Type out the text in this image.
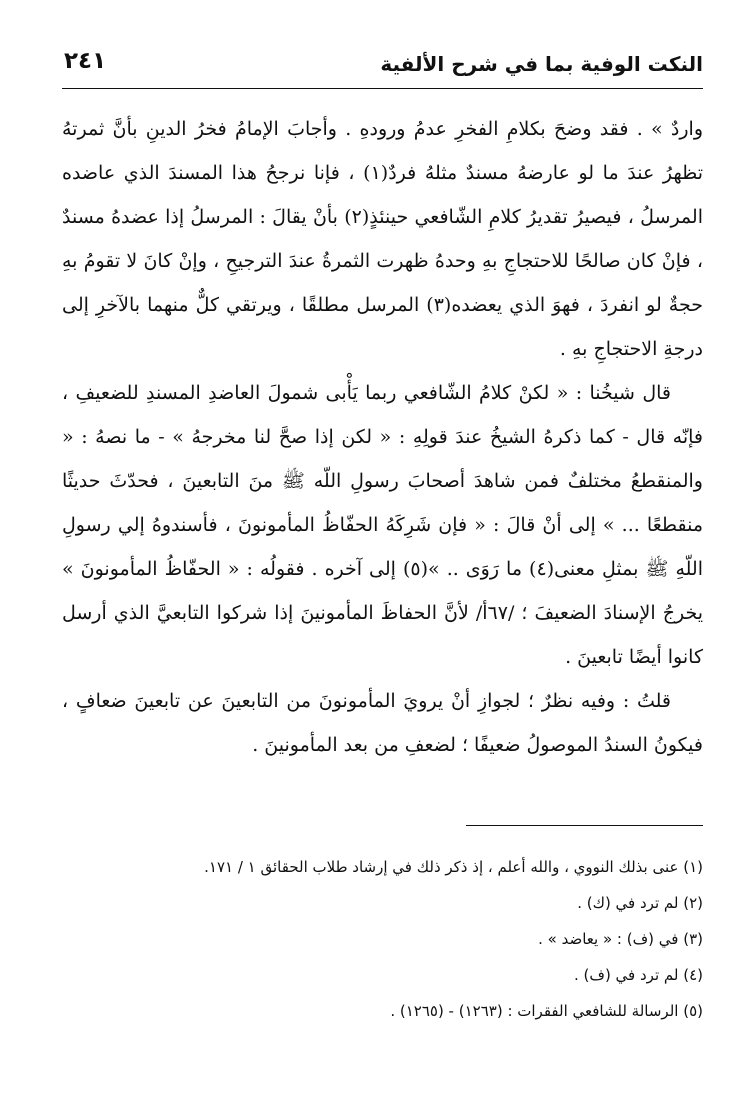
النكت الوفية بما في شرح الألفية
٢٤١

واردٌ » . فقد وضحَ بكلامِ الفخرِ عدمُ ورودهِ . وأجابَ الإمامُ فخرُ الدينِ بأنَّ ثمرتهُ تظهرُ عندَ ما لو عارضهُ مسندٌ مثلهُ فردٌ(١) ، فإنا نرجحُ هذا المسندَ الذي عاضده المرسلُ ، فيصيرُ تقديرُ كلامِ الشّافعي حينئذٍ(٢) بأنْ يقالَ : المرسلُ إذا عضدهُ مسندٌ ، فإنْ كان صالحًا للاحتجاجِ بهِ وحدهُ ظهرت الثمرةُ عندَ الترجيحِ ، وإنْ كانَ لا تقومُ بهِ حجةٌ لو انفردَ ، فهوَ الذي يعضده(٣) المرسل مطلقًا ، ويرتقي كلٌّ منهما بالآخرِ إلى درجةِ الاحتجاجِ بهِ .

قال شيخُنا : « لكنْ كلامُ الشّافعي ربما يَأْبى شمولَ العاضدِ المسندِ للضعيفِ ، فإنّه قال - كما ذكرهُ الشيخُ عندَ قولِهِ : « لكن إذا صحَّ لنا مخرجهُ » - ما نصهُ : « والمنقطعُ مختلفٌ فمن شاهدَ أصحابَ رسولِ اللّه ﷺ منَ التابعينَ ، فحدّثَ حديثًا منقطعًا ... » إلى أنْ قالَ : « فإن شَرِكَهُ الحفّاظُ المأمونونَ ، فأسندوهُ إلي رسولِ اللّهِ ﷺ بمثلِ معنى(٤) ما رَوَى .. »(٥) إلى آخره . فقولُه : « الحفّاظُ المأمونونَ » يخرجُ الإسنادَ الضعيفَ ؛ /٦٧أ/ لأنَّ الحفاظَ المأمونينَ إذا شركوا التابعيَّ الذي أرسل كانوا أيضًا تابعينَ .

قلتُ : وفيه نظرٌ ؛ لجوازِ أنْ يرويَ المأمونونَ من التابعينَ عن تابعينَ ضعافٍ ، فيكونُ السندُ الموصولُ ضعيفًا ؛ لضعفِ من بعد المأمونينَ .

(١) عنى بذلك النووي ، والله أعلم ، إذ ذكر ذلك في إرشاد طلاب الحقائق ١ / ١٧١.

(٢) لم ترد في (ك) .

(٣) في (ف) : « يعاضد » .

(٤) لم ترد في (ف) .

(٥) الرسالة للشافعي الفقرات : (١٢٦٣) - (١٢٦٥) .
